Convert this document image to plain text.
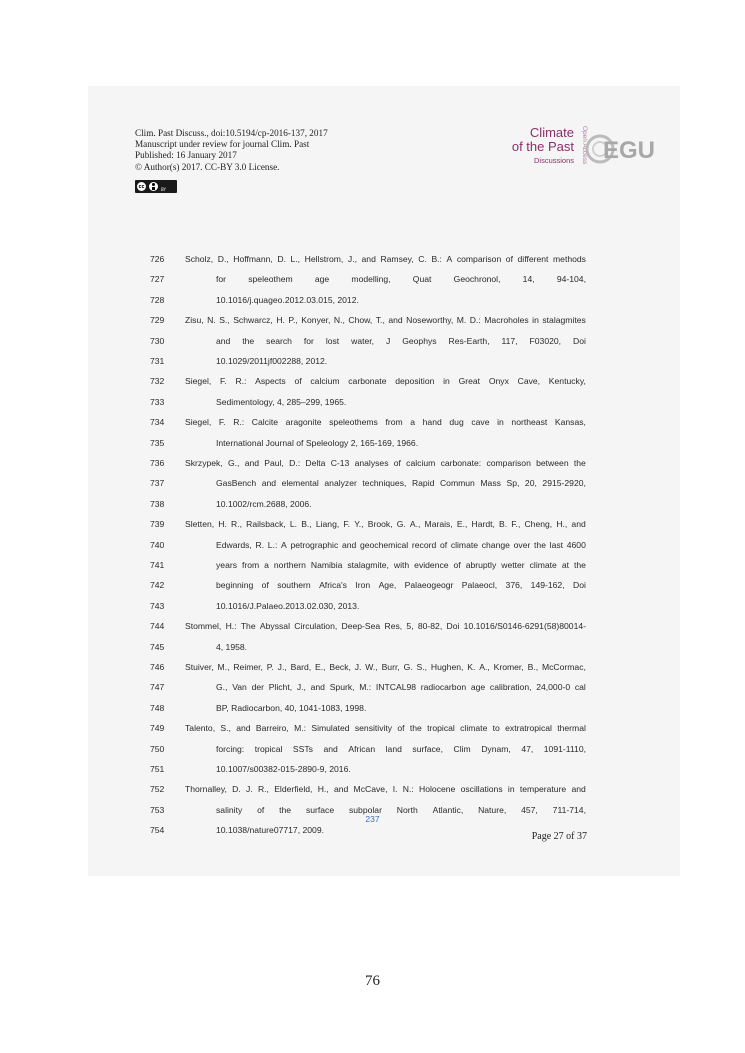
Clim. Past Discuss., doi:10.5194/cp-2016-137, 2017
Manuscript under review for journal Clim. Past
Published: 16 January 2017
© Author(s) 2017. CC-BY 3.0 License.
cc	BY
Climate
of the Past
Discussions	Open Access EGU
726	Scholz, D., Hoffmann, D. L., Hellstrom, J., and Ramsey, C. B.: A comparison of different methods
727	for	speleothem	age	modelling,	Quat	Geochronol,	14,	94-104,
728	10.1016/j.quageo.2012.03.015, 2012.
729	Zisu, N. S., Schwarcz, H. P., Konyer, N., Chow, T., and Noseworthy, M. D.: Macroholes in stalagmites
730	and the search for lost water, J Geophys Res-Earth, 117, F03020, Doi
731	10.1029/2011jf002288, 2012.
732	Siegel, F. R.: Aspects of calcium carbonate deposition in Great Onyx Cave, Kentucky,
733	Sedimentology, 4, 285–299, 1965.
734	Siegel, F. R.: Calcite aragonite speleothems from a hand dug cave in northeast Kansas,
735	International Journal of Speleology 2, 165-169, 1966.
736	Skrzypek, G., and Paul, D.: Delta C-13 analyses of calcium carbonate: comparison between the
737	GasBench and elemental analyzer techniques, Rapid Commun Mass Sp, 20, 2915-2920,
738	10.1002/rcm.2688, 2006.
739	Sletten, H. R., Railsback, L. B., Liang, F. Y., Brook, G. A., Marais, E., Hardt, B. F., Cheng, H., and
740	Edwards, R. L.: A petrographic and geochemical record of climate change over the last 4600
741	years from a northern Namibia stalagmite, with evidence of abruptly wetter climate at the
742	beginning of southern Africa's Iron Age, Palaeogeogr Palaeocl, 376, 149-162, Doi
743	10.1016/J.Palaeo.2013.02.030, 2013.
744	Stommel, H.: The Abyssal Circulation, Deep-Sea Res, 5, 80-82, Doi 10.1016/S0146-6291(58)80014-
745	4, 1958.
746	Stuiver, M., Reimer, P. J., Bard, E., Beck, J. W., Burr, G. S., Hughen, K. A., Kromer, B., McCormac,
747	G., Van der Plicht, J., and Spurk, M.: INTCAL98 radiocarbon age calibration, 24,000-0 cal
748	BP, Radiocarbon, 40, 1041-1083, 1998.
749	Talento, S., and Barreiro, M.: Simulated sensitivity of the tropical climate to extratropical thermal
750	forcing: tropical SSTs and African land surface, Clim Dynam, 47, 1091-1110,
751	10.1007/s00382-015-2890-9, 2016.
752	Thornalley, D. J. R., Elderfield, H., and McCave, I. N.: Holocene oscillations in temperature and
753	salinity of the surface subpolar North Atlantic, Nature, 457, 711-714,
754	10.1038/nature07717, 2009.
237
Page 27 of 37
76
